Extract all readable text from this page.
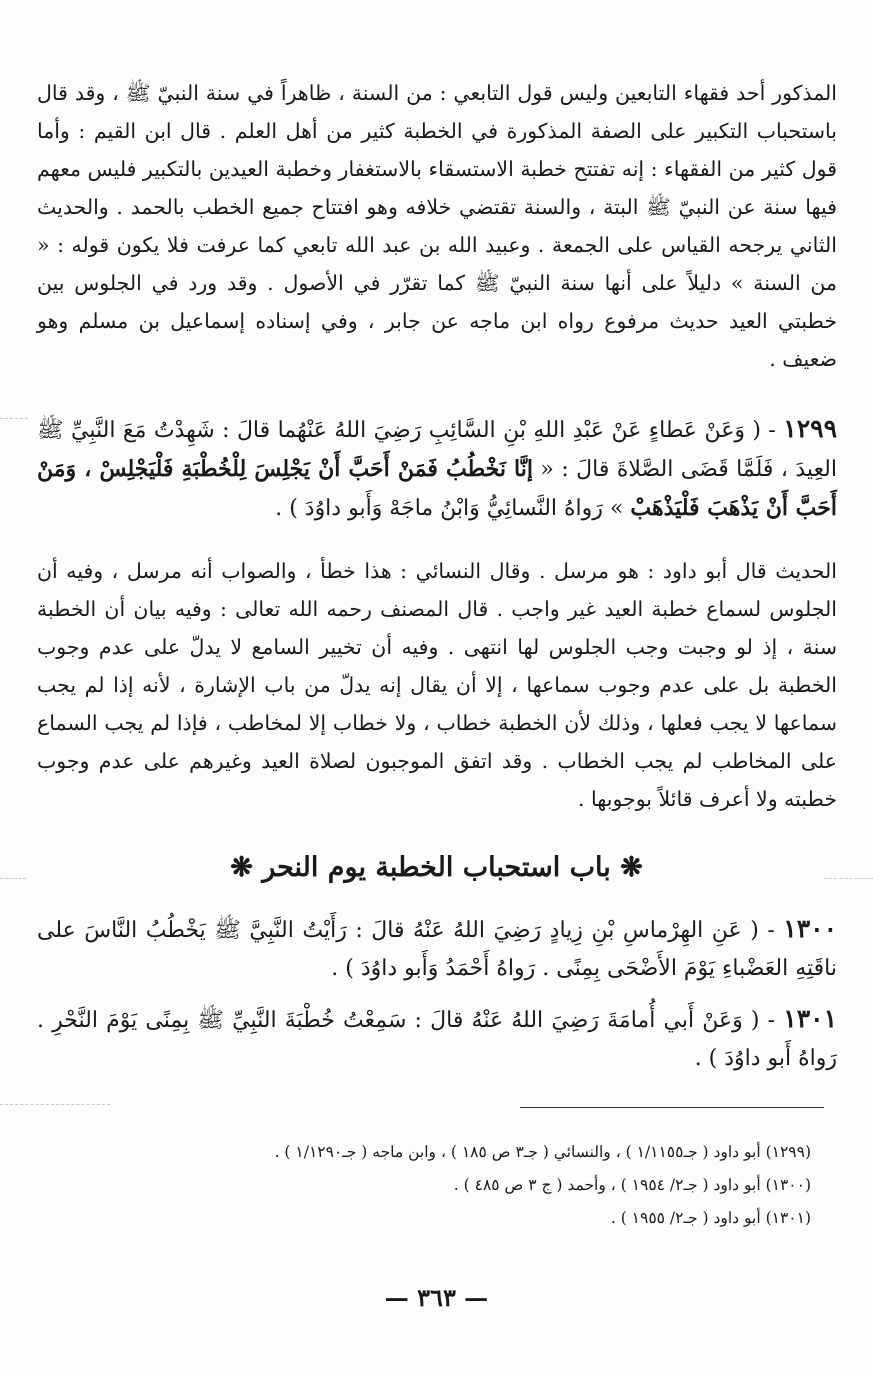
المذكور أحد فقهاء التابعين وليس قول التابعي : من السنة ، ظاهراً في سنة النبيّ ﷺ ، وقد قال باستحباب التكبير على الصفة المذكورة في الخطبة كثير من أهل العلم . قال ابن القيم : وأما قول كثير من الفقهاء : إنه تفتتح خطبة الاستسقاء بالاستغفار وخطبة العيدين بالتكبير فليس معهم فيها سنة عن النبيّ ﷺ البتة ، والسنة تقتضي خلافه وهو افتتاح جميع الخطب بالحمد . والحديث الثاني يرجحه القياس على الجمعة . وعبيد الله بن عبد الله تابعي كما عرفت فلا يكون قوله : « من السنة » دليلاً على أنها سنة النبيّ ﷺ كما تقرّر في الأصول . وقد ورد في الجلوس بين خطبتي العيد حديث مرفوع رواه ابن ماجه عن جابر ، وفي إسناده إسماعيل بن مسلم وهو ضعيف .

١٢٩٩ - ( وَعَنْ عَطاءٍ عَنْ عَبْدِ اللهِ بْنِ السَّائِبِ رَضِيَ اللهُ عَنْهُما قالَ : شَهِدْتُ مَعَ النَّبِيِّ ﷺ العِيدَ ، فَلَمَّا قَضَى الصَّلاةَ قالَ : « إنَّا نَخْطُبُ فَمَنْ أَحَبَّ أَنْ يَجْلِسَ لِلْخُطْبَةِ فَلْيَجْلِسْ ، وَمَنْ أَحَبَّ أَنْ يَذْهَبَ فَلْيَذْهَبْ » رَواهُ النَّسائِيُّ وَابْنُ ماجَهْ وَأَبو داوُدَ ) .

الحديث قال أبو داود : هو مرسل . وقال النسائي : هذا خطأ ، والصواب أنه مرسل ، وفيه أن الجلوس لسماع خطبة العيد غير واجب . قال المصنف رحمه الله تعالى : وفيه بيان أن الخطبة سنة ، إذ لو وجبت وجب الجلوس لها انتهى . وفيه أن تخيير السامع لا يدلّ على عدم وجوب الخطبة بل على عدم وجوب سماعها ، إلا أن يقال إنه يدلّ من باب الإشارة ، لأنه إذا لم يجب سماعها لا يجب فعلها ، وذلك لأن الخطبة خطاب ، ولا خطاب إلا لمخاطب ، فإذا لم يجب السماع على المخاطب لم يجب الخطاب . وقد اتفق الموجبون لصلاة العيد وغيرهم على عدم وجوب خطبته ولا أعرف قائلاً بوجوبها .

❋ باب استحباب الخطبة يوم النحر ❋

١٣٠٠ - ( عَنِ الهِرْماسِ بْنِ زِيادٍ رَضِيَ اللهُ عَنْهُ قالَ : رَأَيْتُ النَّبِيَّ ﷺ يَخْطُبُ النَّاسَ على ناقَتِهِ العَضْباءِ يَوْمَ الأَضْحَى بِمِنًى . رَواهُ أَحْمَدُ وَأَبو داوُدَ ) .

١٣٠١ - ( وَعَنْ أَبي أُمامَةَ رَضِيَ اللهُ عَنْهُ قالَ : سَمِعْتُ خُطْبَةَ النَّبِيِّ ﷺ بِمِنًى يَوْمَ النَّحْرِ . رَواهُ أَبو داوُدَ ) .

(١٢٩٩) أبو داود ( جـ١/١١٥٥ ) ، والنسائي ( جـ٣ ص ١٨٥ ) ، وابن ماجه ( جـ١/١٢٩٠ ) .

(١٣٠٠) أبو داود ( جـ٢/ ١٩٥٤ ) ، وأحمد ( ج ٣ ص ٤٨٥ ) .

(١٣٠١) أبو داود ( جـ٢/ ١٩٥٥ ) .

— ٣٦٣ —
